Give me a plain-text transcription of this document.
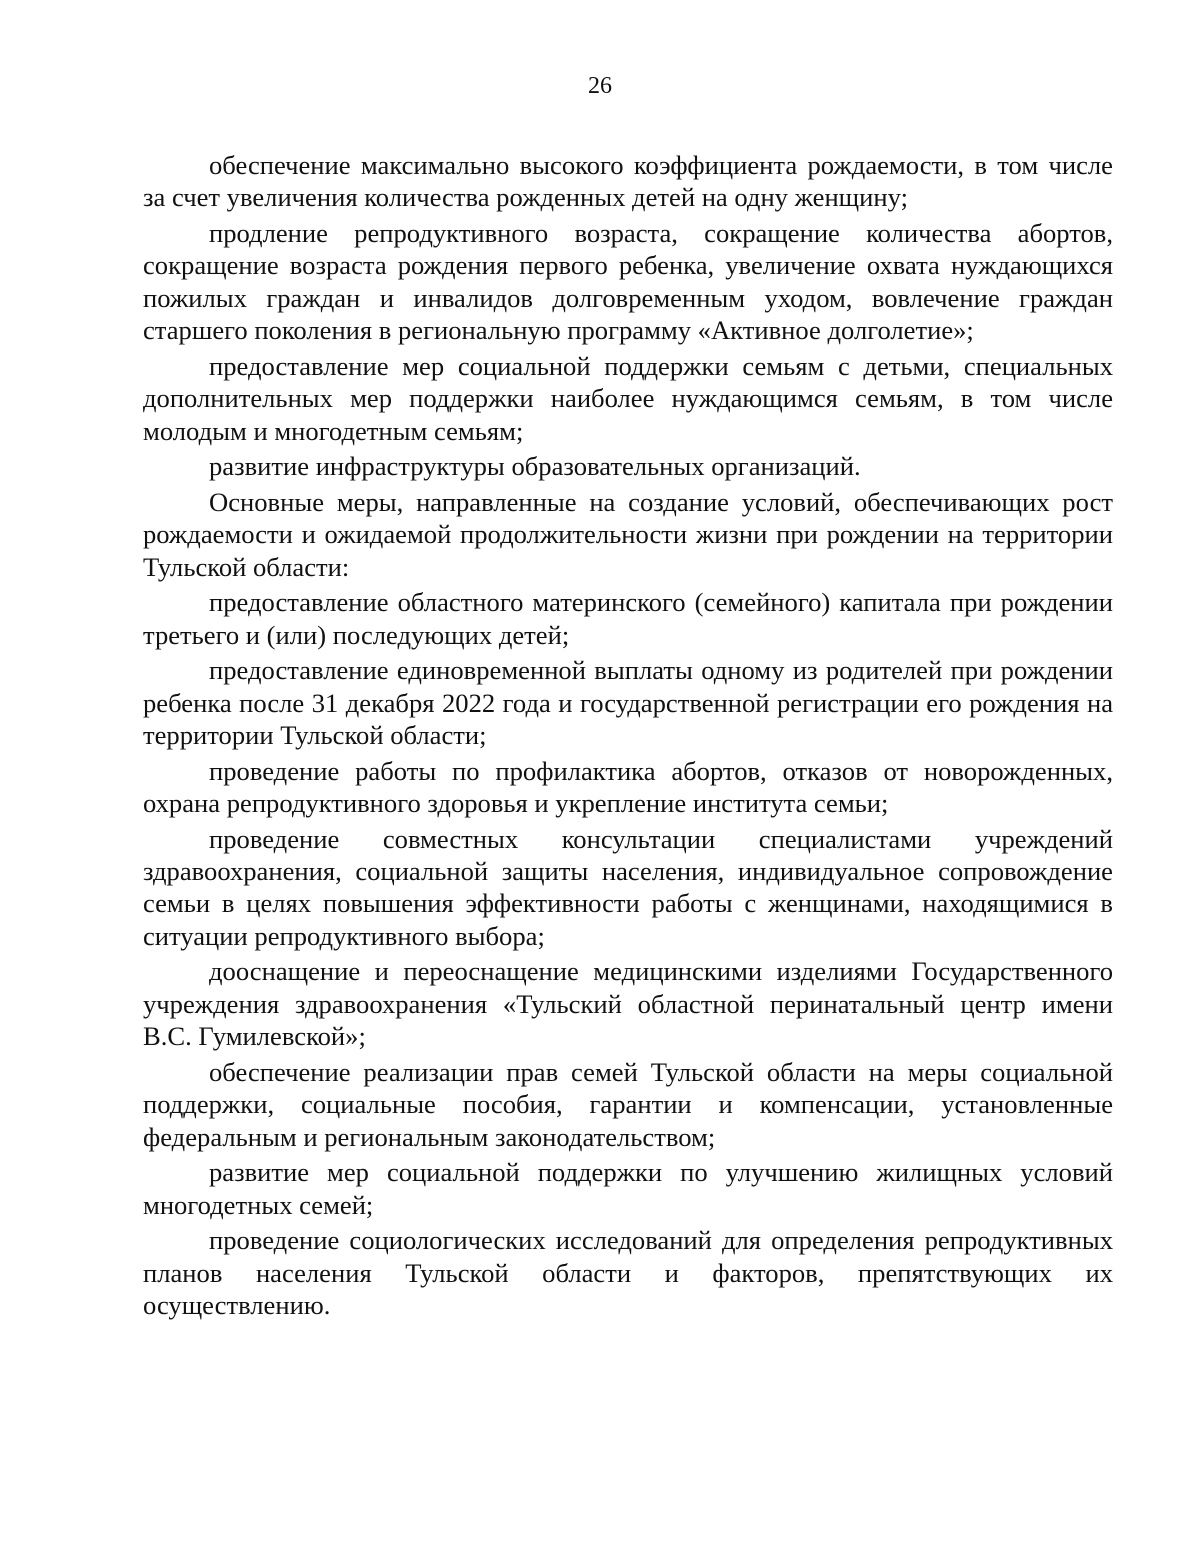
26

обеспечение максимально высокого коэффициента рождаемости, в том числе за счет увеличения количества рожденных детей на одну женщину;

продление репродуктивного возраста, сокращение количества абортов, сокращение возраста рождения первого ребенка, увеличение охвата нуждающихся пожилых граждан и инвалидов долговременным уходом, вовлечение граждан старшего поколения в региональную программу «Активное долголетие»;

предоставление мер социальной поддержки семьям с детьми, специальных дополнительных мер поддержки наиболее нуждающимся семьям, в том числе молодым и многодетным семьям;

развитие инфраструктуры образовательных организаций.

Основные меры, направленные на создание условий, обеспечивающих рост рождаемости и ожидаемой продолжительности жизни при рождении на территории Тульской области:

предоставление областного материнского (семейного) капитала при рождении третьего и (или) последующих детей;

предоставление единовременной выплаты одному из родителей при рождении ребенка после 31 декабря 2022 года и государственной регистрации его рождения на территории Тульской области;

проведение работы по профилактика абортов, отказов от новорожденных, охрана репродуктивного здоровья и укрепление института семьи;

проведение совместных консультации специалистами учреждений здравоохранения, социальной защиты населения, индивидуальное сопровождение семьи в целях повышения эффективности работы с женщинами, находящимися в ситуации репродуктивного выбора;

дооснащение и переоснащение медицинскими изделиями Государственного учреждения здравоохранения «Тульский областной перинатальный центр имени В.С. Гумилевской»;

обеспечение реализации прав семей Тульской области на меры социальной поддержки, социальные пособия, гарантии и компенсации, установленные федеральным и региональным законодательством;

развитие мер социальной поддержки по улучшению жилищных условий многодетных семей;

проведение социологических исследований для определения репродуктивных планов населения Тульской области и факторов, препятствующих их осуществлению.
